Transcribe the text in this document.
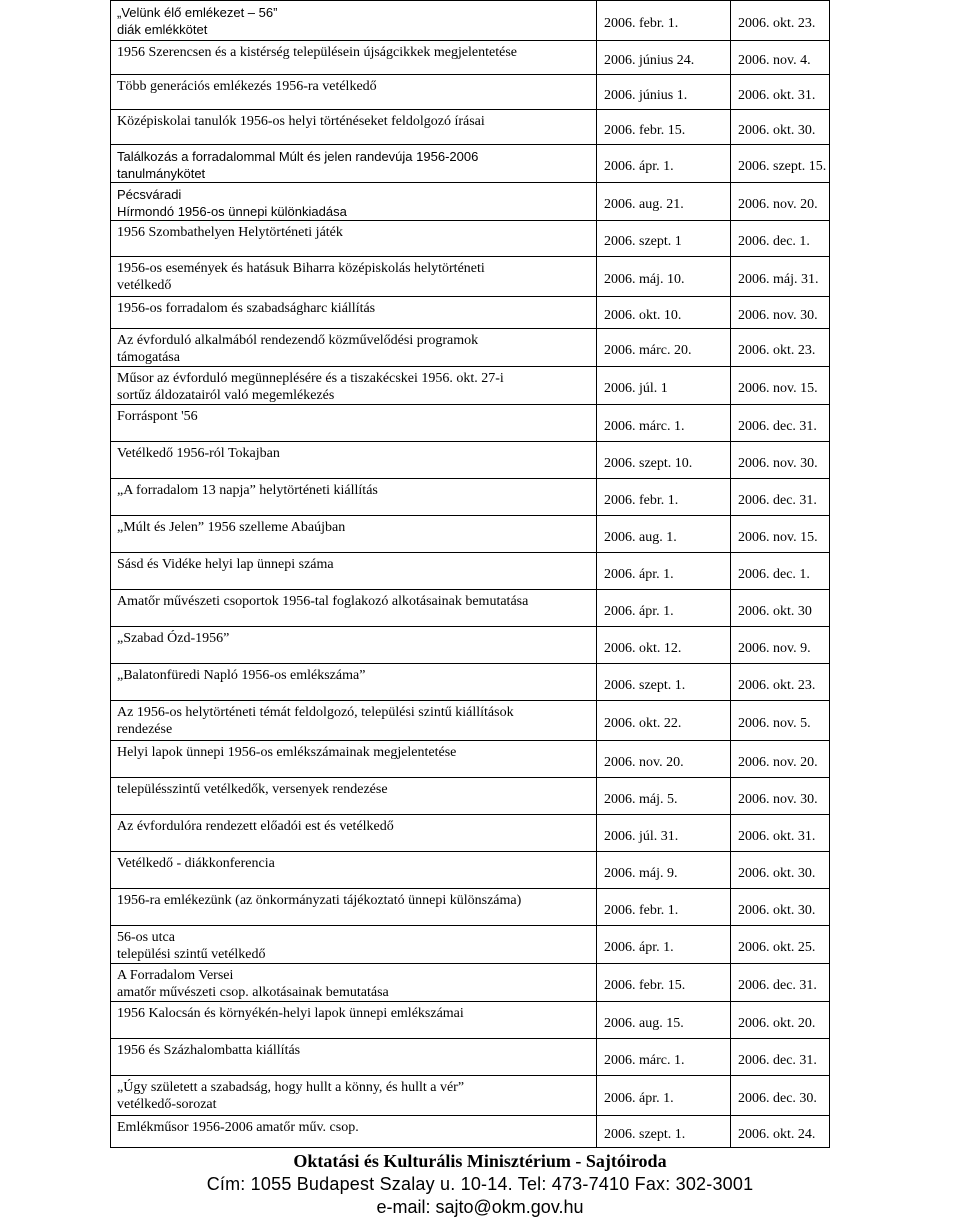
„Velünk élő emlékezet – 56”
diák emlékkötet	2006. febr. 1.	2006. okt. 23.

1956 Szerencsen és a kistérség településein újságcikkek megjelentetése	2006. június 24.	2006. nov. 4.

Több generációs emlékezés 1956-ra vetélkedő	2006. június 1.	2006. okt. 31.

Középiskolai tanulók 1956-os helyi történéseket feldolgozó írásai	2006. febr. 15.	2006. okt. 30.

Találkozás a forradalommal Múlt és jelen randevúja 1956-2006
tanulmánykötet	2006. ápr. 1.	2006. szept. 15.

Pécsváradi
Hírmondó 1956-os ünnepi különkiadása	2006. aug. 21.	2006. nov. 20.

1956 Szombathelyen Helytörténeti játék	2006. szept. 1	2006. dec. 1.

1956-os események és hatásuk Biharra középiskolás helytörténeti
vetélkedő	2006. máj. 10.	2006. máj. 31.

1956-os forradalom és szabadságharc kiállítás	2006. okt. 10.	2006. nov. 30.

Az évforduló alkalmából rendezendő közművelődési programok
támogatása	2006. márc. 20.	2006. okt. 23.

Műsor az évforduló megünneplésére és a tiszakécskei 1956. okt. 27-i
sortűz áldozatairól való megemlékezés	2006. júl. 1	2006. nov. 15.

Forráspont '56	2006. márc. 1.	2006. dec. 31.

Vetélkedő 1956-ról Tokajban	2006. szept. 10.	2006. nov. 30.

„A forradalom 13 napja” helytörténeti kiállítás	2006. febr. 1.	2006. dec. 31.

„Múlt és Jelen” 1956 szelleme Abaújban	2006. aug. 1.	2006. nov. 15.

Sásd és Vidéke helyi lap ünnepi száma	2006. ápr. 1.	2006. dec. 1.

Amatőr művészeti csoportok 1956-tal foglakozó alkotásainak bemutatása	2006. ápr. 1.	2006. okt. 30

„Szabad Ózd-1956”	2006. okt. 12.	2006. nov. 9.

„Balatonfüredi Napló 1956-os emlékszáma”	2006. szept. 1.	2006. okt. 23.

Az 1956-os helytörténeti témát feldolgozó, települési szintű kiállítások
rendezése	2006. okt. 22.	2006. nov. 5.

Helyi lapok ünnepi 1956-os emlékszámainak megjelentetése	2006. nov. 20.	2006. nov. 20.

településszintű vetélkedők, versenyek rendezése	2006. máj. 5.	2006. nov. 30.

Az évfordulóra rendezett előadói est és vetélkedő	2006. júl. 31.	2006. okt. 31.

Vetélkedő - diákkonferencia	2006. máj. 9.	2006. okt. 30.

1956-ra emlékezünk (az önkormányzati tájékoztató ünnepi különszáma)	2006. febr. 1.	2006. okt. 30.

56-os utca
települési szintű vetélkedő	2006. ápr. 1.	2006. okt. 25.

A Forradalom Versei
amatőr művészeti csop. alkotásainak bemutatása	2006. febr. 15.	2006. dec. 31.

1956 Kalocsán és környékén-helyi lapok ünnepi emlékszámai	2006. aug. 15.	2006. okt. 20.

1956 és Százhalombatta kiállítás	2006. márc. 1.	2006. dec. 31.

„Úgy született a szabadság, hogy hullt a könny, és hullt a vér”
vetélkedő-sorozat	2006. ápr. 1.	2006. dec. 30.

Emlékműsor 1956-2006 amatőr műv. csop.	2006. szept. 1.	2006. okt. 24.
Oktatási és Kulturális Minisztérium - Sajtóiroda
Cím: 1055 Budapest Szalay u. 10-14. Tel: 473-7410 Fax: 302-3001
e-mail: sajto@okm.gov.hu
